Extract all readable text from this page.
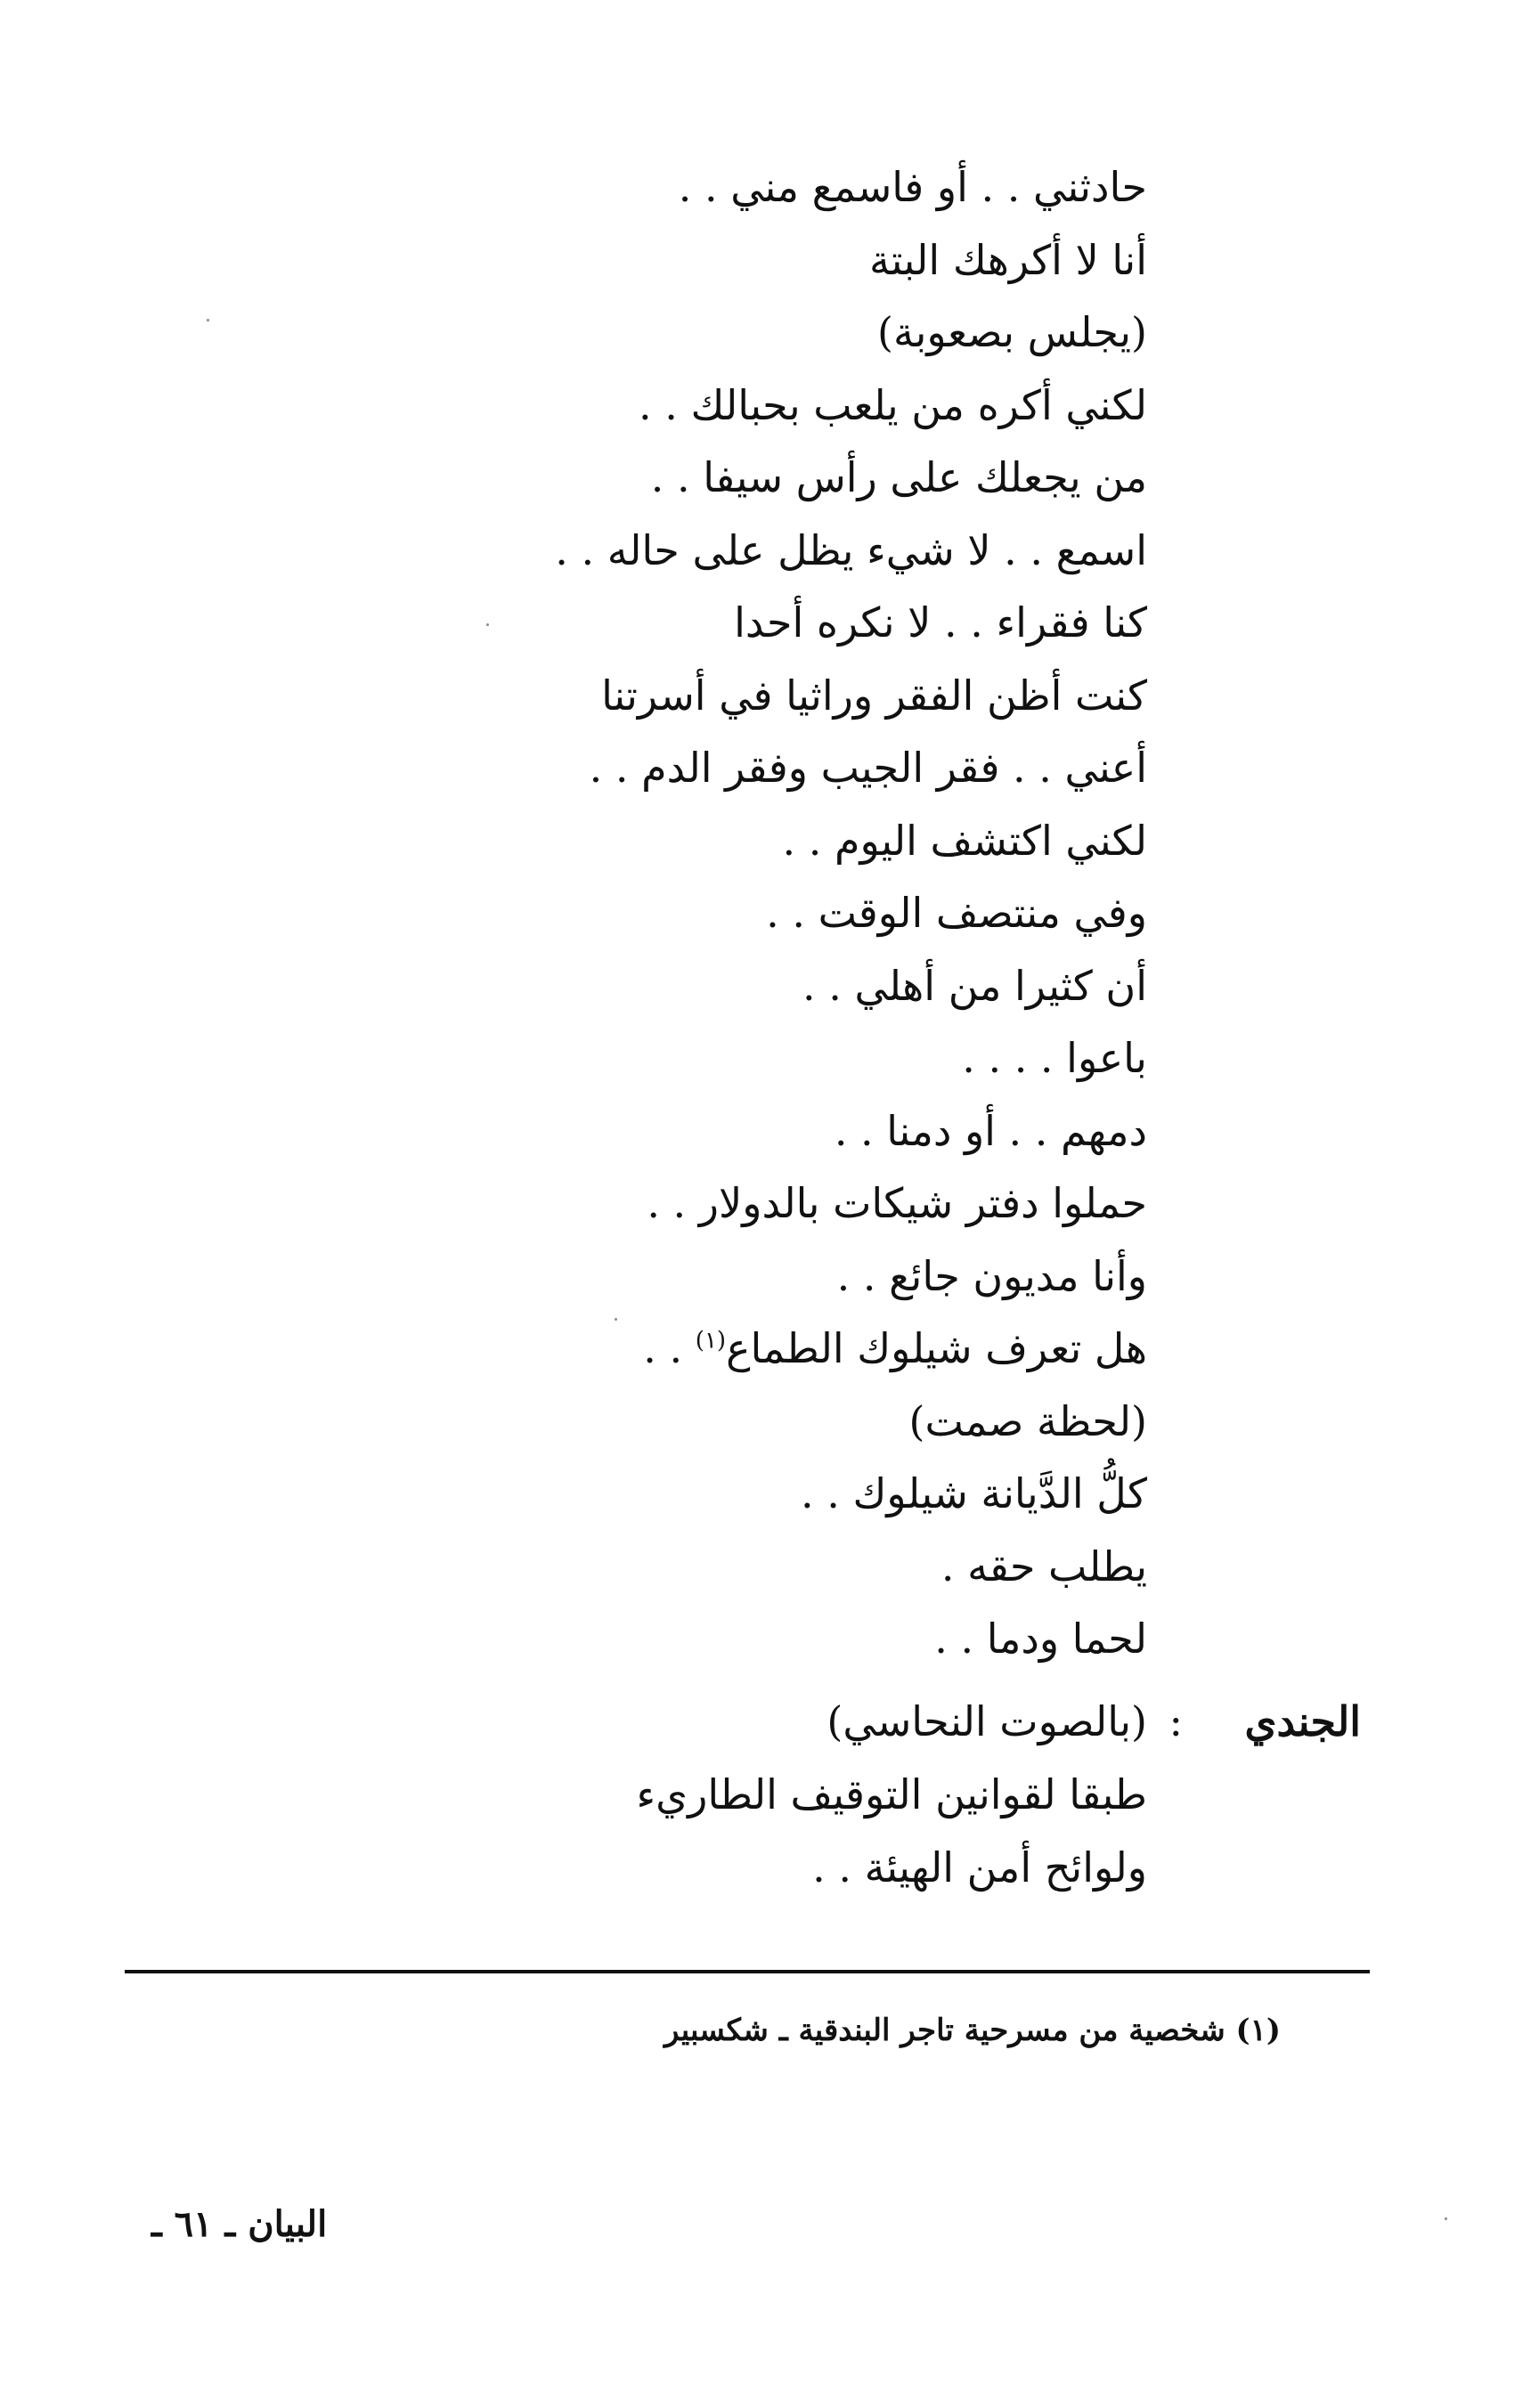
حادثني . . أو فاسمع مني . .
أنا لا أكرهك البتة
(يجلس بصعوبة)
لكني أكره من يلعب بحبالك . .
من يجعلك على رأس سيفا . .
اسمع . . لا شيء يظل على حاله . .
كنا فقراء . . لا نكره أحدا
كنت أظن الفقر وراثيا في أسرتنا
أعني . . فقر الجيب وفقر الدم . .
لكني اكتشف اليوم . .
وفي منتصف الوقت . .
أن كثيرا من أهلي . .
باعوا . . . .
دمهم . . أو دمنا . .
حملوا دفتر شيكات بالدولار . .
وأنا مديون جائع . .
هل تعرف شيلوك الطماع$^{(١)}$ . .
(لحظة صمت)
كلُّ الدَّيانة شيلوك . .
يطلب حقه .
لحما ودما . .
الجندي
:
(بالصوت النحاسي)
طبقا لقوانين التوقيف الطاريء
ولوائح أمن الهيئة . .
(١) شخصية من مسرحية تاجر البندقية ـ شكسبير
البيان ـ ٦١ ـ
